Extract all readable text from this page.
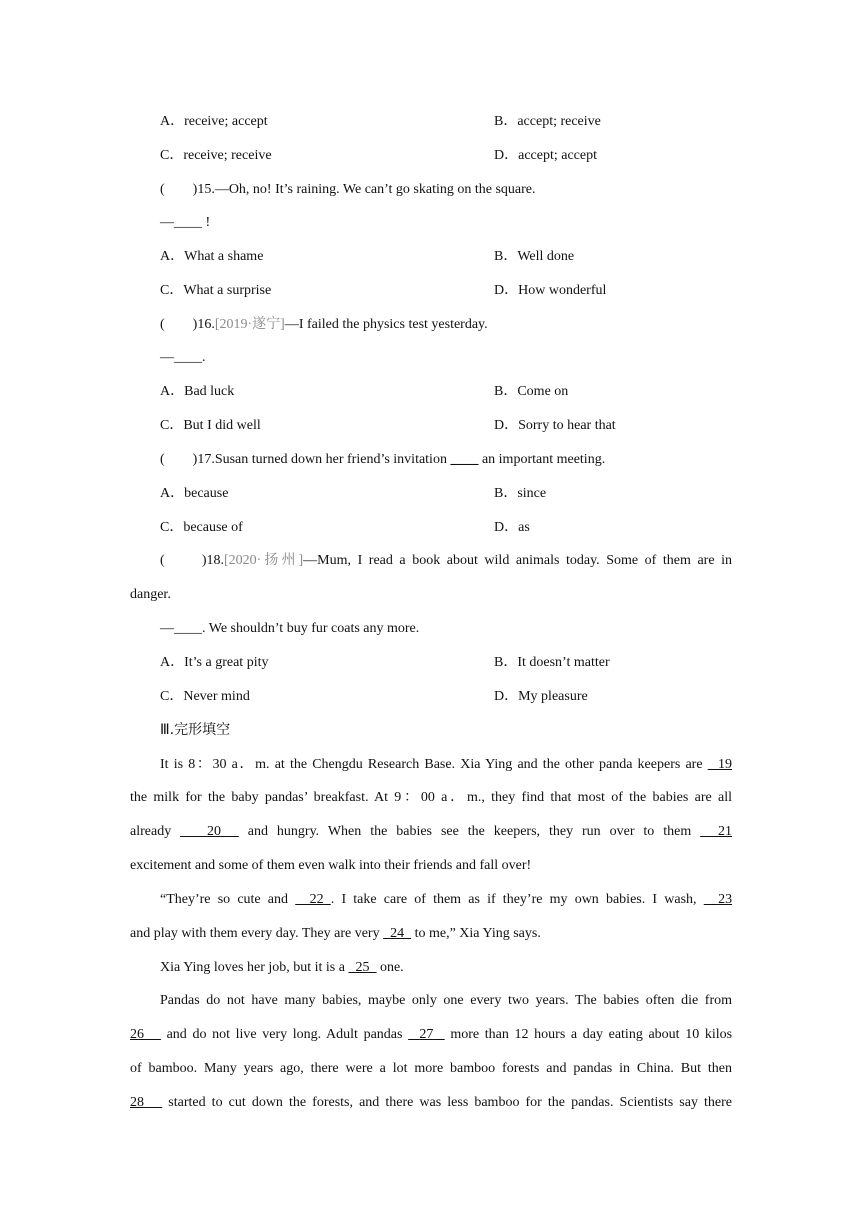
A．receive; accept	B．accept; receive
C．receive; receive	D．accept; accept
(　　)15.—Oh, no! It’s raining. We can’t go skating on the square.
—____ !
A．What a shame	B．Well done
C．What a surprise	D．How wonderful
(　　)16.[2019·遂宁]—I failed the physics test yesterday.
—____.
A．Bad luck	B．Come on
C．But I did well	D．Sorry to hear that
(　　)17.Susan turned down her friend’s invitation ____ an important meeting.
A．because	B．since
C．because of	D．as
(　　)18.[2020·扬州]—Mum, I read a book about wild animals today. Some of them are in
danger.
—____. We shouldn’t buy fur coats any more.
A．It’s a great pity	B．It doesn’t matter
C．Never mind	D．My pleasure
Ⅲ.完形填空
It is 8：30 a．m. at the Chengdu Research Base. Xia Ying and the other panda keepers are 19
the milk for the baby pandas’ breakfast. At 9：00 a．m., they find that most of the babies are all
already	20 and hungry. When the babies see the keepers, they run over to them 21
excitement and some of them even walk into their friends and fall over!
“They’re so cute and 22 . I take care of them as if they’re my own babies. I wash, 23
and play with them every day. They are very 24 to me,” Xia Ying says.
Xia Ying loves her job, but it is a 25 one.
Pandas do not have many babies, maybe only one every two years. The babies often die from
26 and do not live very long. Adult pandas 27 more than 12 hours a day eating about 10 kilos
of bamboo. Many years ago, there were a lot more bamboo forests and pandas in China. But then
28 started to cut down the forests, and there was less bamboo for the pandas. Scientists say there
